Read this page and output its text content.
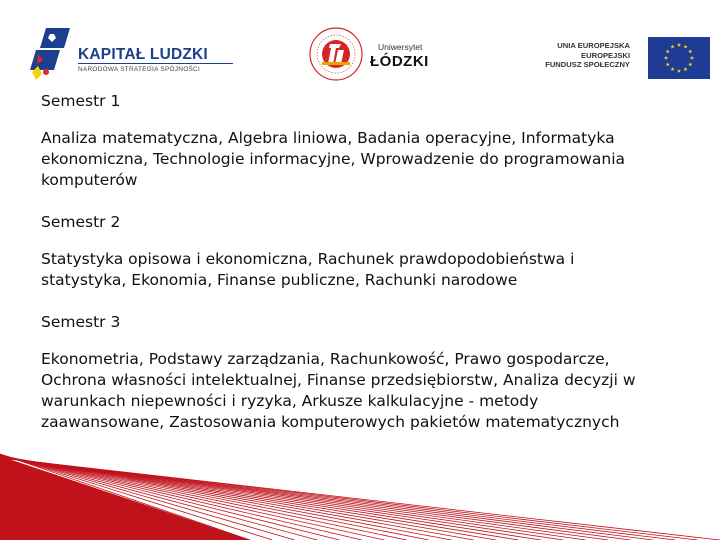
KAPITAŁ LUDZKI
NARODOWA STRATEGIA SPÓJNOŚCI
Uniwersytet
ŁÓDZKI
UNIA EUROPEJSKA
EUROPEJSKI
FUNDUSZ SPOŁECZNY
Semestr 1
Analiza matematyczna, Algebra liniowa, Badania operacyjne, Informatyka
ekonomiczna, Technologie informacyjne, Wprowadzenie do programowania
komputerów
Semestr 2
Statystyka opisowa i ekonomiczna, Rachunek prawdopodobieństwa i
statystyka, Ekonomia, Finanse publiczne, Rachunki narodowe
Semestr 3
Ekonometria, Podstawy zarządzania, Rachunkowość, Prawo gospodarcze,
Ochrona własności intelektualnej, Finanse przedsiębiorstw, Analiza decyzji w
warunkach niepewności i ryzyka, Arkusze kalkulacyjne - metody
zaawansowane, Zastosowania komputerowych pakietów matematycznych
